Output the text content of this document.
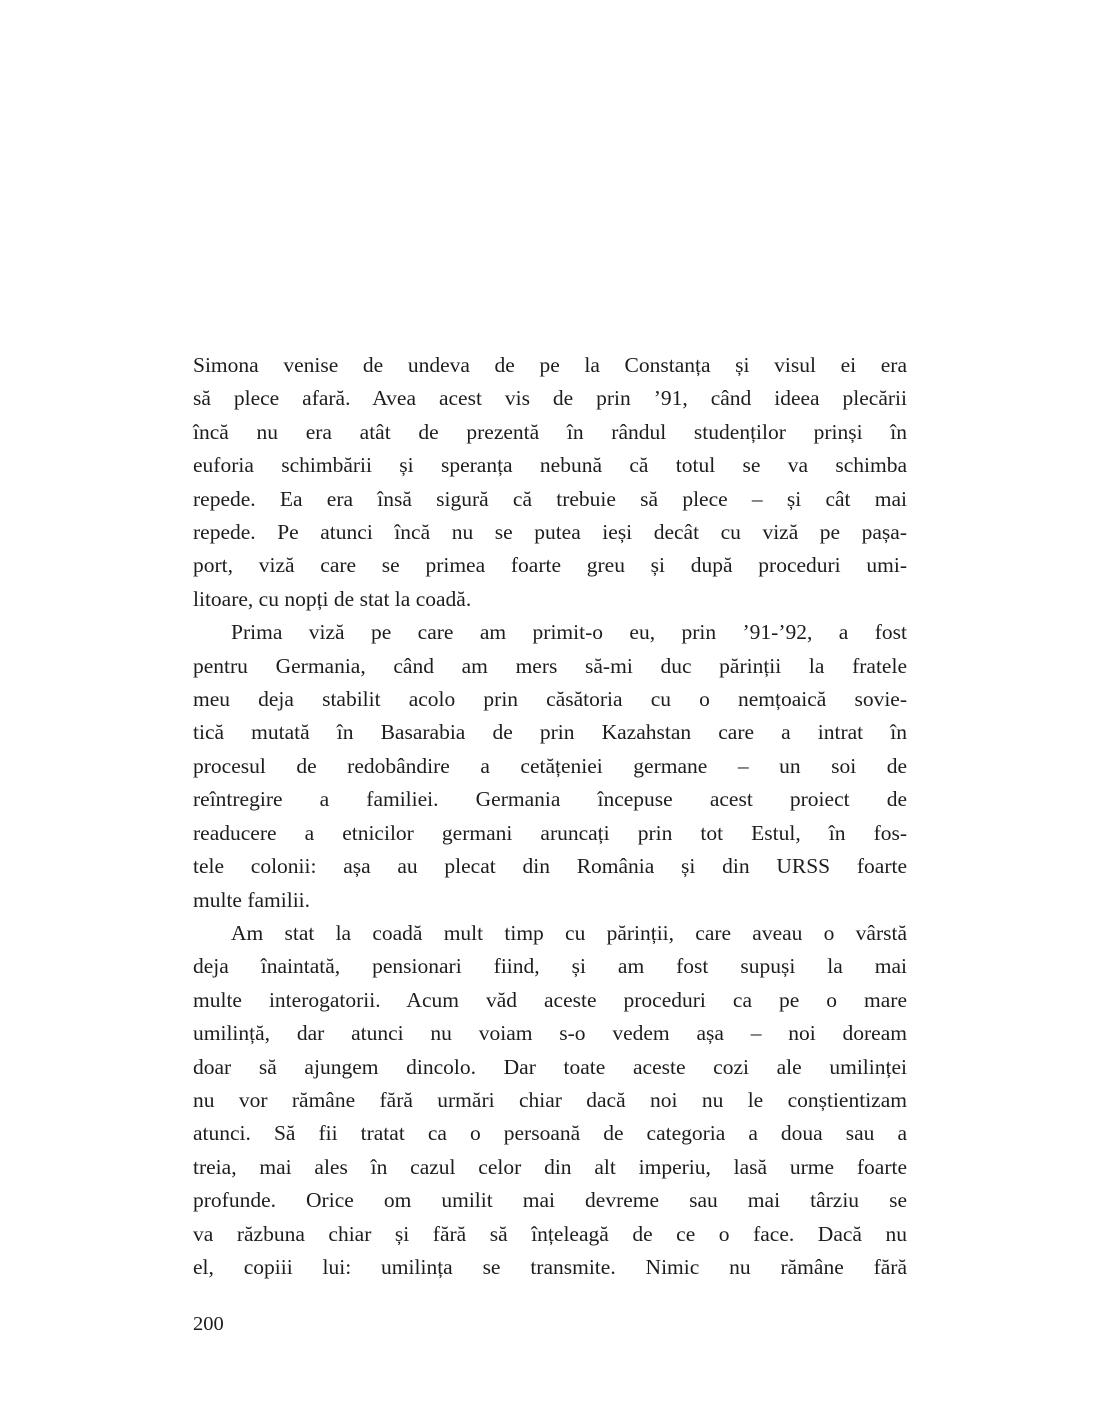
Simona venise de undeva de pe la Constanța și visul ei era
să plece afară. Avea acest vis de prin ’91, când ideea plecării
încă nu era atât de prezentă în rândul studenților prinși în
euforia schimbării și speranța nebună că totul se va schimba
repede. Ea era însă sigură că trebuie să plece – și cât mai
repede. Pe atunci încă nu se putea ieși decât cu viză pe pașa-
port, viză care se primea foarte greu și după proceduri umi-
litoare, cu nopți de stat la coadă.
Prima viză pe care am primit-o eu, prin ’91-’92, a fost
pentru Germania, când am mers să-mi duc părinții la fratele
meu deja stabilit acolo prin căsătoria cu o nemțoaică sovie-
tică mutată în Basarabia de prin Kazahstan care a intrat în
procesul de redobândire a cetățeniei germane – un soi de
reîntregire a familiei. Germania începuse acest proiect de
readucere a etnicilor germani aruncați prin tot Estul, în fos-
tele colonii: așa au plecat din România și din URSS foarte
multe familii.
Am stat la coadă mult timp cu părinții, care aveau o vârstă
deja înaintată, pensionari fiind, și am fost supuși la mai
multe interogatorii. Acum văd aceste proceduri ca pe o mare
umilință, dar atunci nu voiam s-o vedem așa – noi doream
doar să ajungem dincolo. Dar toate aceste cozi ale umilinței
nu vor rămâne fără urmări chiar dacă noi nu le conștientizam
atunci. Să fii tratat ca o persoană de categoria a doua sau a
treia, mai ales în cazul celor din alt imperiu, lasă urme foarte
profunde. Orice om umilit mai devreme sau mai târziu se
va răzbuna chiar și fără să înțeleagă de ce o face. Dacă nu
el, copiii lui: umilința se transmite. Nimic nu rămâne fără
200
